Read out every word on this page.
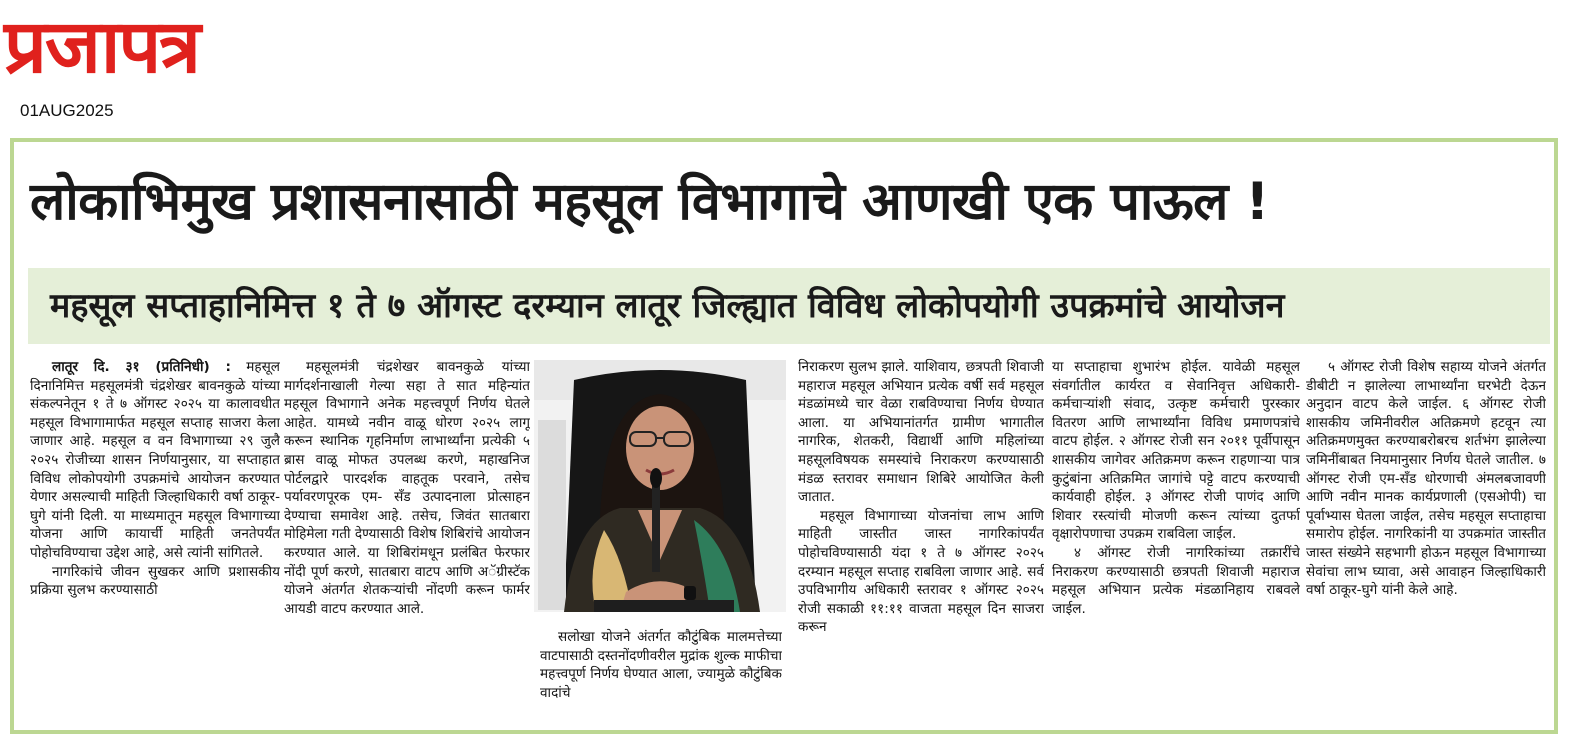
प्रजापत्र
01AUG2025
लोकाभिमुख प्रशासनासाठी महसूल विभागाचे आणखी एक पाऊल !
महसूल सप्ताहानिमित्त १ ते ७ ऑगस्ट दरम्यान लातूर जिल्ह्यात विविध लोकोपयोगी उपक्रमांचे आयोजन

लातूर दि. ३१ (प्रतिनिधी) : महसूल दिनानिमित्त महसूलमंत्री चंद्रशेखर बावनकुळे यांच्या संकल्पनेतून १ ते ७ ऑगस्ट २०२५ या कालावधीत महसूल विभागामार्फत महसूल सप्ताह साजरा केला जाणार आहे. महसूल व वन विभागाच्या २९ जुलै २०२५ रोजीच्या शासन निर्णयानुसार, या सप्ताहात विविध लोकोपयोगी उपक्रमांचे आयोजन करण्यात येणार असल्याची माहिती जिल्हाधिकारी वर्षा ठाकूर-घुगे यांनी दिली. या माध्यमातून महसूल विभागाच्या योजना आणि कायार्ची माहिती जनतेपर्यंत पोहोचविण्याचा उद्देश आहे, असे त्यांनी सांगितले.

नागरिकांचे जीवन सुखकर आणि प्रशासकीय प्रक्रिया सुलभ करण्यासाठी

महसूलमंत्री चंद्रशेखर बावनकुळे यांच्या मार्गदर्शनाखाली गेल्या सहा ते सात महिन्यांत महसूल विभागाने अनेक महत्त्वपूर्ण निर्णय घेतले आहेत. यामध्ये नवीन वाळू धोरण २०२५ लागू करून स्थानिक गृहनिर्माण लाभार्थ्यांना प्रत्येकी ५ ब्रास वाळू मोफत उपलब्ध करणे, महाखनिज पोर्टलद्वारे पारदर्शक वाहतूक परवाने, तसेच पर्यावरणपूरक एम- सँड उत्पादनाला प्रोत्साहन देण्याचा समावेश आहे. तसेच, जिवंत सातबारा मोहिमेला गती देण्यासाठी विशेष शिबिरांचे आयोजन करण्यात आले. या शिबिरांमधून प्रलंबित फेरफार नोंदी पूर्ण करणे, सातबारा वाटप आणि अॅग्रीस्टॅक योजने अंतर्गत शेतकऱ्यांची नोंदणी करून फार्मर आयडी वाटप करण्यात आले.

सलोखा योजने अंतर्गत कौटुंबिक मालमत्तेच्या वाटपासाठी दस्तनोंदणीवरील मुद्रांक शुल्क माफीचा महत्त्वपूर्ण निर्णय घेण्यात आला, ज्यामुळे कौटुंबिक वादांचे

निराकरण सुलभ झाले. याशिवाय, छत्रपती शिवाजी महाराज महसूल अभियान प्रत्येक वर्षी सर्व महसूल मंडळांमध्ये चार वेळा राबविण्याचा निर्णय घेण्यात आला. या अभियानांतर्गत ग्रामीण भागातील नागरिक, शेतकरी, विद्यार्थी आणि महिलांच्या महसूलविषयक समस्यांचे निराकरण करण्यासाठी मंडळ स्तरावर समाधान शिबिरे आयोजित केली जातात.

महसूल विभागाच्या योजनांचा लाभ आणि माहिती जास्तीत जास्त नागरिकांपर्यंत पोहोचविण्यासाठी यंदा १ ते ७ ऑगस्ट २०२५ दरम्यान महसूल सप्ताह राबविला जाणार आहे. सर्व उपविभागीय अधिकारी स्तरावर १ ऑगस्ट २०२५ रोजी सकाळी ११:११ वाजता महसूल दिन साजरा करून

या सप्ताहाचा शुभारंभ होईल. यावेळी महसूल संवर्गातील कार्यरत व सेवानिवृत्त अधिकारी-कर्मचाऱ्यांशी संवाद, उत्कृष्ट कर्मचारी पुरस्कार वितरण आणि लाभार्थ्यांना विविध प्रमाणपत्रांचे वाटप होईल. २ ऑगस्ट रोजी सन २०११ पूर्वीपासून शासकीय जागेवर अतिक्रमण करून राहणाऱ्या पात्र कुटुंबांना अतिक्रमित जागांचे पट्टे वाटप करण्याची कार्यवाही होईल. ३ ऑगस्ट रोजी पाणंद आणि शिवार रस्त्यांची मोजणी करून त्यांच्या दुतर्फा वृक्षारोपणाचा उपक्रम राबविला जाईल.

४ ऑगस्ट रोजी नागरिकांच्या तक्रारींचे निराकरण करण्यासाठी छत्रपती शिवाजी महाराज महसूल अभियान प्रत्येक मंडळानिहाय राबवले जाईल.

५ ऑगस्ट रोजी विशेष सहाय्य योजने अंतर्गत डीबीटी न झालेल्या लाभार्थ्यांना घरभेटी देऊन अनुदान वाटप केले जाईल. ६ ऑगस्ट रोजी शासकीय जमिनीवरील अतिक्रमणे हटवून त्या अतिक्रमणमुक्त करण्याबरोबरच शर्तभंग झालेल्या जमिनींबाबत नियमानुसार निर्णय घेतले जातील. ७ ऑगस्ट रोजी एम-सँड धोरणाची अंमलबजावणी आणि नवीन मानक कार्यप्रणाली (एसओपी) चा पूर्वाभ्यास घेतला जाईल, तसेच महसूल सप्ताहाचा समारोप होईल. नागरिकांनी या उपक्रमांत जास्तीत जास्त संख्येने सहभागी होऊन महसूल विभागाच्या सेवांचा लाभ घ्यावा, असे आवाहन जिल्हाधिकारी वर्षा ठाकूर-घुगे यांनी केले आहे.
